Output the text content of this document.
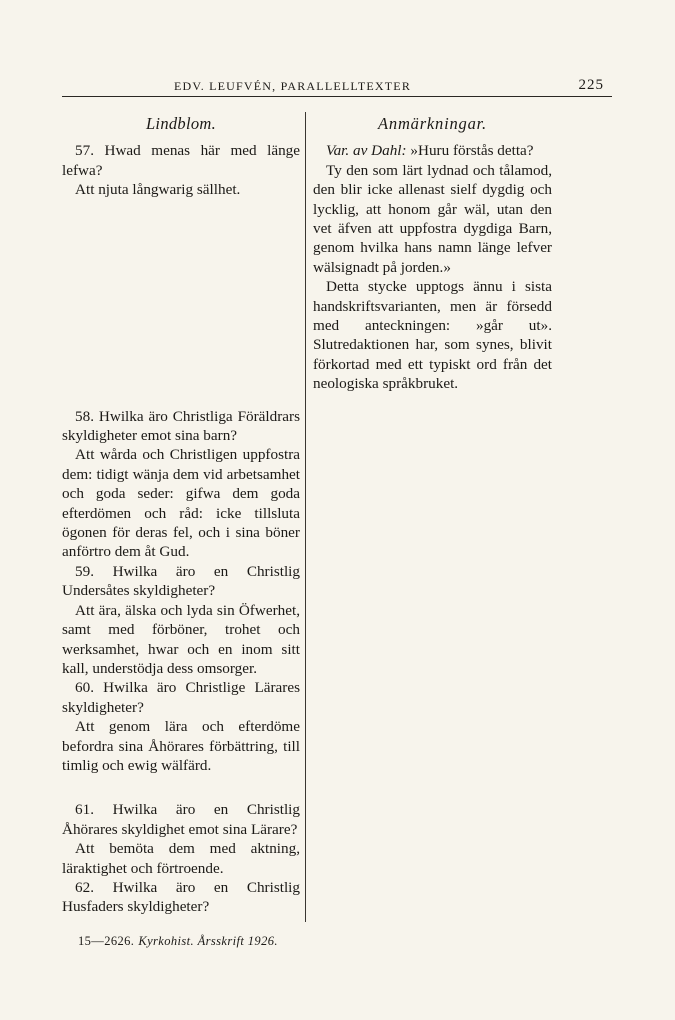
EDV. LEUFVÉN, PARALLELLTEXTER	225
Lindblom.

57. Hwad menas här med länge lefwa?

Att njuta långwarig sällhet.

58. Hwilka äro Christliga Föräldrars skyldigheter emot sina barn?

Att wårda och Christligen uppfostra dem: tidigt wänja dem vid arbetsamhet och goda seder: gifwa dem goda efterdömen och råd: icke tillsluta ögonen för deras fel, och i sina böner anförtro dem åt Gud.

59. Hwilka äro en Christlig Undersåtes skyldigheter?

Att ära, älska och lyda sin Öfwerhet, samt med förböner, trohet och werksamhet, hwar och en inom sitt kall, understödja dess omsorger.

60. Hwilka äro Christlige Lärares skyldigheter?

Att genom lära och efterdöme befordra sina Åhörares förbättring, till timlig och ewig wälfärd.

61. Hwilka äro en Christlig Åhörares skyldighet emot sina Lärare?

Att bemöta dem med aktning, läraktighet och förtroende.

62. Hwilka äro en Christlig Husfaders skyldigheter?

Anmärkningar.

Var. av Dahl: »Huru förstås detta?

Ty den som lärt lydnad och tålamod, den blir icke allenast sielf dygdig och lycklig, att honom går wäl, utan den vet äfven att uppfostra dygdiga Barn, genom hvilka hans namn länge lefver wälsignadt på jorden.»

Detta stycke upptogs ännu i sista handskriftsvarianten, men är försedd med anteckningen: »går ut». Slutredaktionen har, som synes, blivit förkortad med ett typiskt ord från det neologiska språkbruket.

15—2626. Kyrkohist. Årsskrift 1926.
